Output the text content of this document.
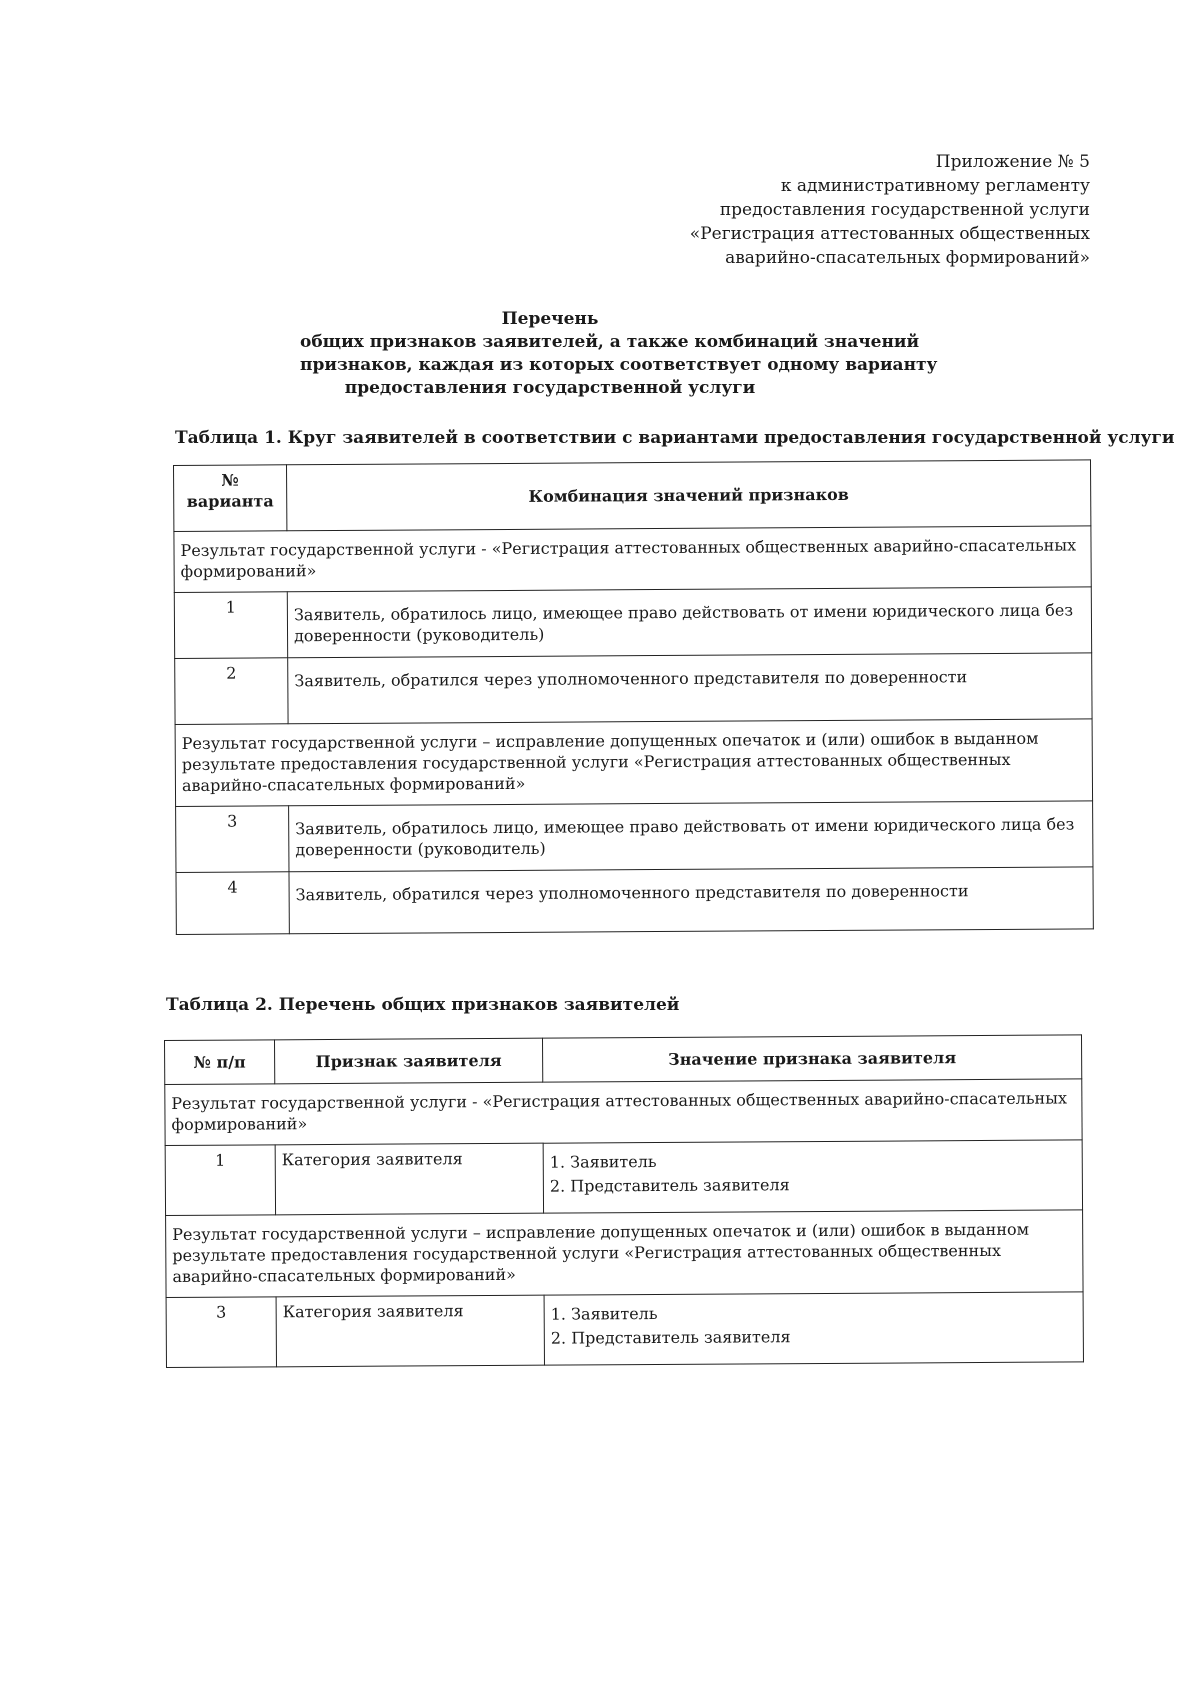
Приложение № 5
к административному регламенту
предоставления государственной услуги
«Регистрация аттестованных общественных
аварийно-спасательных формирований»
Перечень
общих признаков заявителей, а также комбинаций значений
признаков, каждая из которых соответствует одному варианту
предоставления государственной услуги
Таблица 1. Круг заявителей в соответствии с вариантами предоставления государственной услуги
№ варианта	Комбинация значений признаков
Результат государственной услуги - «Регистрация аттестованных общественных аварийно-спасательных формирований»	
1	Заявитель, обратилось лицо, имеющее право действовать от имени юридического лица без доверенности (руководитель)
2	Заявитель, обратился через уполномоченного представителя по доверенности
Результат государственной услуги – исправление допущенных опечаток и (или) ошибок в выданном результате предоставления государственной услуги «Регистрация аттестованных общественных аварийно-спасательных формирований»	
3	Заявитель, обратилось лицо, имеющее право действовать от имени юридического лица без доверенности (руководитель)
4	Заявитель, обратился через уполномоченного представителя по доверенности
Таблица 2. Перечень общих признаков заявителей
№ п/п	Признак заявителя	Значение признака заявителя
Результат государственной услуги - «Регистрация аттестованных общественных аварийно-спасательных формирований»		
1	Категория заявителя	1. Заявитель
2. Представитель заявителя

Результат государственной услуги – исправление допущенных опечаток и (или) ошибок в выданном результате предоставления государственной услуги «Регистрация аттестованных общественных аварийно-спасательных формирований»		
3	Категория заявителя	1. Заявитель
2. Представитель заявителя
